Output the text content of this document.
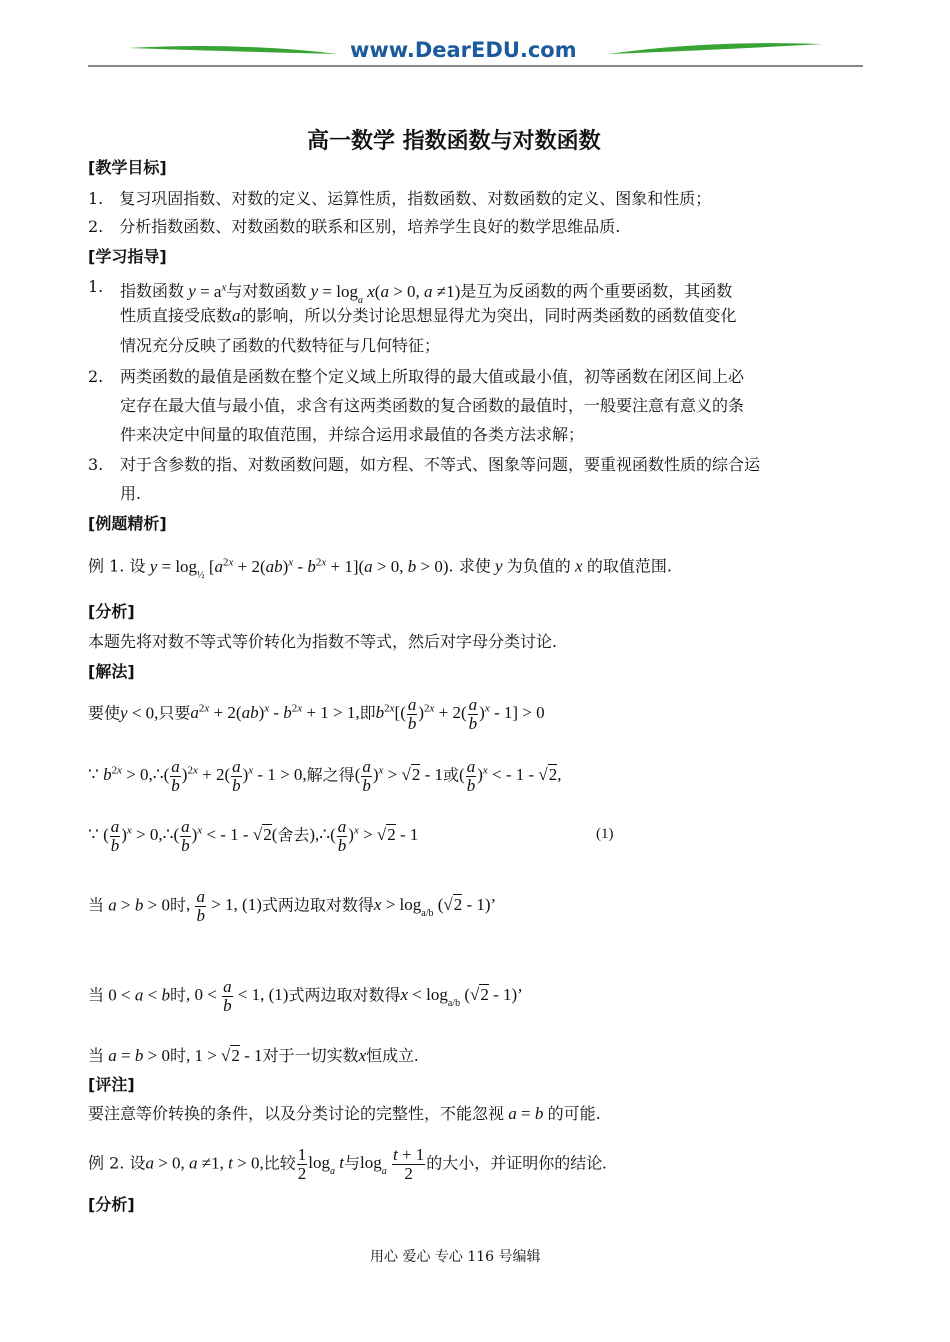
www.DearEDU.com
高一数学 指数函数与对数函数
[教学目标]
1.　复习巩固指数、对数的定义、运算性质，指数函数、对数函数的定义、图象和性质；
2.　分析指数函数、对数函数的联系和区别，培养学生良好的数学思维品质.
[学习指导]
1. 指数函数 $y = a^x$与对数函数 $y = \log_a x(a > 0$, a ≠1)是互为反函数的两个重要函数，其函数
性质直接受底数a的影响，所以分类讨论思想显得尤为突出，同时两类函数的函数值变化
情况充分反映了函数的代数特征与几何特征；
2. 两类函数的最值是函数在整个定义域上所取得的最大值或最小值，初等函数在闭区间上必
定存在最大值与最小值，求含有这两类函数的复合函数的最值时，一般要注意有意义的条
件来决定中间量的取值范围，并综合运用求最值的各类方法求解；
3. 对于含参数的指、对数函数问题，如方程、不等式、图象等问题，要重视函数性质的综合运
用.
[例题精析]
例 1. 设 $y = \log_{\frac{1}{2}} [a^{2x} + 2(ab)^x - b^{2x} + 1](a > 0$, b > 0). 求使 y 为负值的 x 的取值范围.
[分析]
本题先将对数不等式等价转化为指数不等式，然后对字母分类讨论.
[解法]
要使y < 0,只要$a^{2x} + 2(ab)^x - b^{2x} + 1 > 1$,即$b^{2x}[( \frac{a}{b} )^{2x} + 2( \frac{a}{b} )^x - 1] > 0$
∵ $b^{2x}$ > 0,∴( $\frac{a}{b} )^{2x} + 2( \frac{a}{b} )^x - 1 > 0$,解之得( $\frac{a}{b} )^x > √2 - 1$或( $\frac{a}{b} )^x$ < - 1 - √2,
∵ ( $\frac{a}{b} )^x$ > 0,∴( $\frac{a}{b} )^x$ < - 1 - √2(舍去),∴( $\frac{a}{b} )^x > √2 - 1$	(1)
当 a > b > 0时, $\frac{a}{b} > 1$, (1)式两边取对数得$x > \log_{a/b} (√2 - 1)$’
当 0 < a < b时, $0 < \frac{a}{b} < 1$, (1)式两边取对数得$x < \log_{a/b} (√2 - 1)$’
当 a = b > 0时, 1 > √2 - 1对于一切实数x恒成立.
[评注]
要注意等价转换的条件，以及分类讨论的完整性，不能忽视 a = b 的可能.
例 2. 设a > 0, a ≠1, t > 0,比较 $\frac{1}{2} \log_a t$与$\log_a \frac{t + 1}{2}$ 的大小，并证明你的结论.
[分析]
用心 爱心 专心 116 号编辑
